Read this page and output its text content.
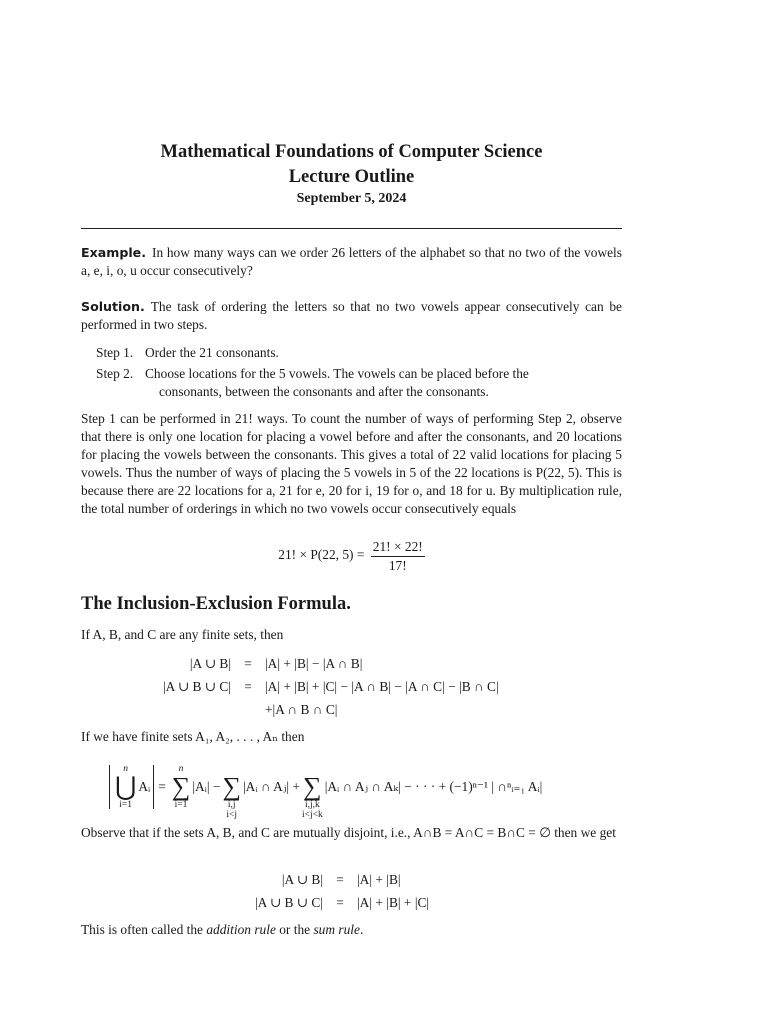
Mathematical Foundations of Computer Science
Lecture Outline
September 5, 2024
Example. In how many ways can we order 26 letters of the alphabet so that no two of the vowels a, e, i, o, u occur consecutively?
Solution. The task of ordering the letters so that no two vowels appear consecutively can be performed in two steps.
Step 1. Order the 21 consonants.
Step 2. Choose locations for the 5 vowels. The vowels can be placed before the
consonants, between the consonants and after the consonants.
Step 1 can be performed in 21! ways. To count the number of ways of performing Step 2, observe that there is only one location for placing a vowel before and after the consonants, and 20 locations for placing the vowels between the consonants. This gives a total of 22 valid locations for placing 5 vowels. Thus the number of ways of placing the 5 vowels in 5 of the 22 locations is P(22, 5). This is because there are 22 locations for a, 21 for e, 20 for i, 19 for o, and 18 for u. By multiplication rule, the total number of orderings in which no two vowels occur consecutively equals
21! × P(22, $5) = \frac{21! \times 22!}{17!}$
The Inclusion-Exclusion Formula.
If A, B, and C are any finite sets, then
|A ∪ B|	=	|A| + |B| − |A ∩ B|
|A ∪ B ∪ C|	=	|A| + |B| + |C| − |A ∩ B| − |A ∩ C| − |B ∩ C|
		+|A ∩ B ∩ C|
If we have finite sets A₁, A₂, . . . , Aₙ then
n
⋃
i=1
Aᵢ =
n
∑
i=1
|Aᵢ| − ∑
i,j
i<j
|Aᵢ ∩ Aⱼ| + ∑
i,j,k
i<j<k
|Aᵢ ∩ Aⱼ ∩ Aₖ| − · · · + (−1)ⁿ⁻¹ | ∩ⁿᵢ₌₁ Aᵢ|
Observe that if the sets A, B, and C are mutually disjoint, i.e., A∩B = A∩C = B∩C = ∅ then we get
|A ∪ B|	=	|A| + |B|
|A ∪ B ∪ C|	=	|A| + |B| + |C|
This is often called the addition rule or the sum rule.
